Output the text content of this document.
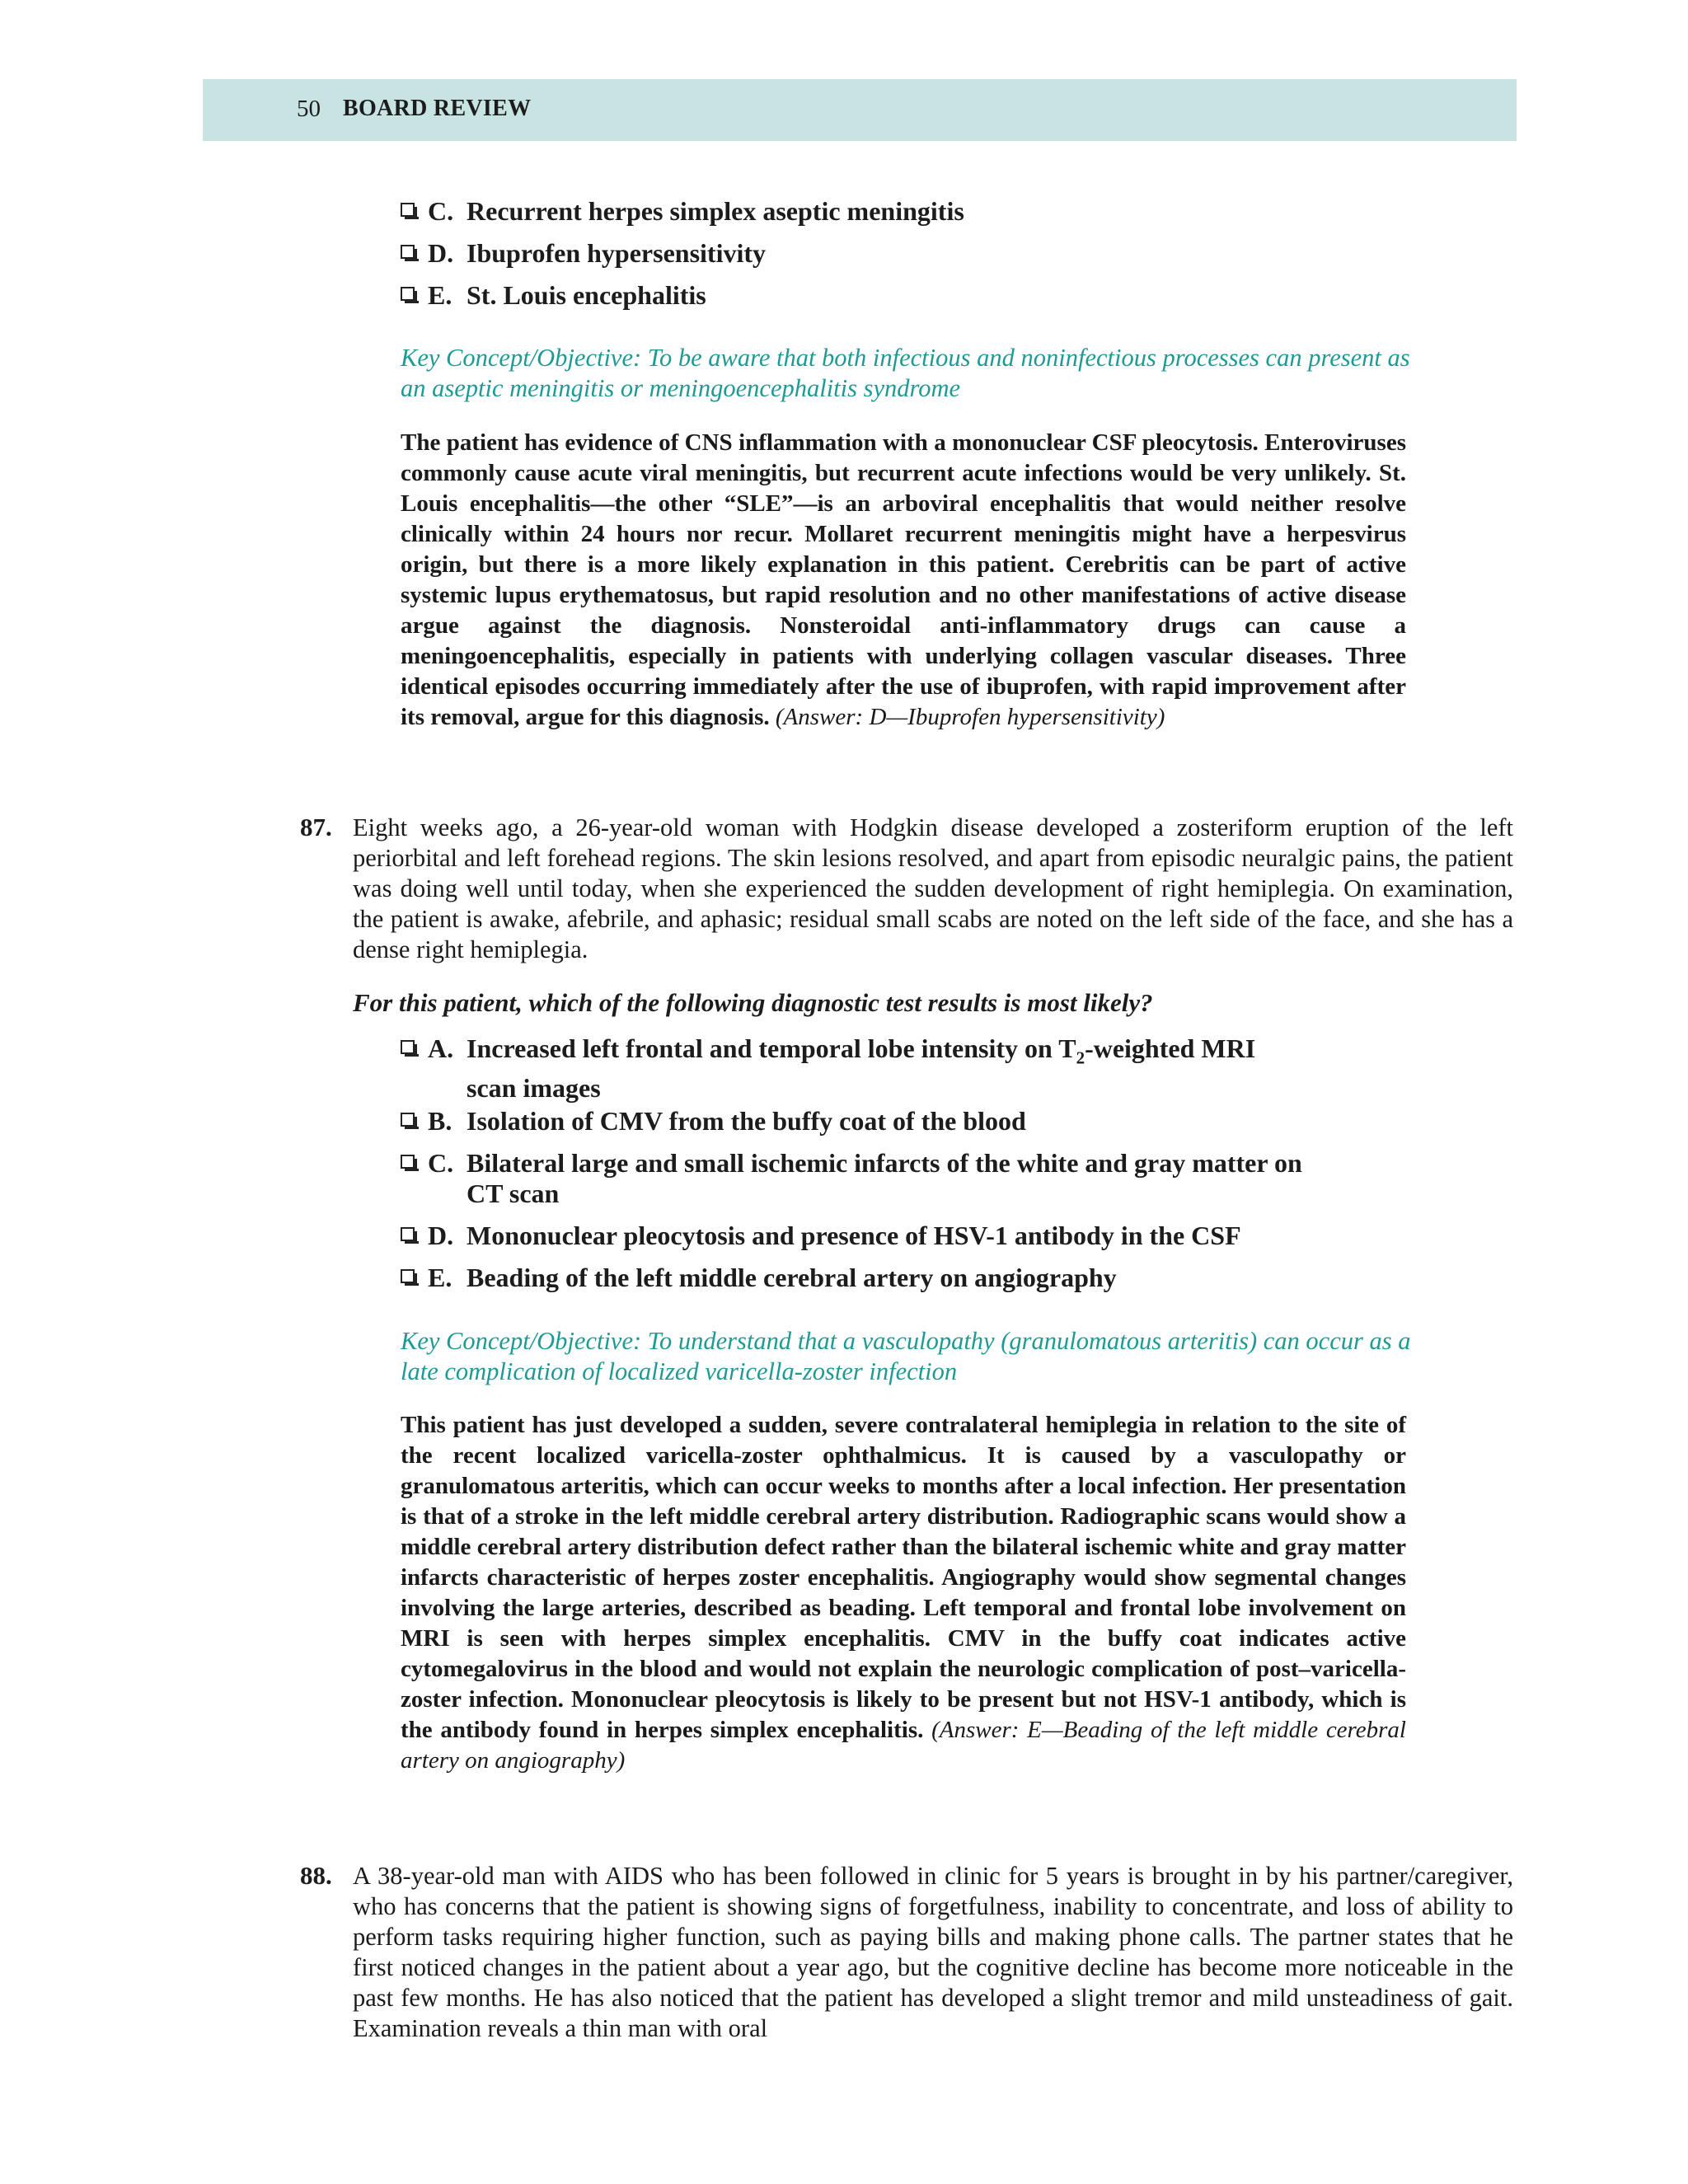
50 BOARD REVIEW
C. Recurrent herpes simplex aseptic meningitis
D. Ibuprofen hypersensitivity
E. St. Louis encephalitis
Key Concept/Objective: To be aware that both infectious and noninfectious processes can present as an aseptic meningitis or meningoencephalitis syndrome
The patient has evidence of CNS inflammation with a mononuclear CSF pleocytosis. Enteroviruses commonly cause acute viral meningitis, but recurrent acute infections would be very unlikely. St. Louis encephalitis—the other “SLE”—is an arboviral encephalitis that would neither resolve clinically within 24 hours nor recur. Mollaret recurrent meningitis might have a herpesvirus origin, but there is a more likely explanation in this patient. Cerebritis can be part of active systemic lupus erythematosus, but rapid resolution and no other manifestations of active disease argue against the diagnosis. Nonsteroidal anti-inflammatory drugs can cause a meningoencephalitis, especially in patients with underlying collagen vascular diseases. Three identical episodes occurring immediately after the use of ibuprofen, with rapid improvement after its removal, argue for this diagnosis. (Answer: D—Ibuprofen hypersensitivity)
87. Eight weeks ago, a 26-year-old woman with Hodgkin disease developed a zosteriform eruption of the left periorbital and left forehead regions. The skin lesions resolved, and apart from episodic neuralgic pains, the patient was doing well until today, when she experienced the sudden development of right hemiplegia. On examination, the patient is awake, afebrile, and aphasic; residual small scabs are noted on the left side of the face, and she has a dense right hemiplegia.
For this patient, which of the following diagnostic test results is most likely?
A. Increased left frontal and temporal lobe intensity on $T_2$-weighted MRI scan images
B. Isolation of CMV from the buffy coat of the blood
C. Bilateral large and small ischemic infarcts of the white and gray matter on CT scan
D. Mononuclear pleocytosis and presence of HSV-1 antibody in the CSF
E. Beading of the left middle cerebral artery on angiography
Key Concept/Objective: To understand that a vasculopathy (granulomatous arteritis) can occur as a late complication of localized varicella-zoster infection
This patient has just developed a sudden, severe contralateral hemiplegia in relation to the site of the recent localized varicella-zoster ophthalmicus. It is caused by a vasculopathy or granulomatous arteritis, which can occur weeks to months after a local infection. Her presentation is that of a stroke in the left middle cerebral artery distribution. Radiographic scans would show a middle cerebral artery distribution defect rather than the bilateral ischemic white and gray matter infarcts characteristic of herpes zoster encephalitis. Angiography would show segmental changes involving the large arteries, described as beading. Left temporal and frontal lobe involvement on MRI is seen with herpes simplex encephalitis. CMV in the buffy coat indicates active cytomegalovirus in the blood and would not explain the neurologic complication of post–varicella-zoster infection. Mononuclear pleocytosis is likely to be present but not HSV-1 antibody, which is the antibody found in herpes simplex encephalitis. (Answer: E—Beading of the left middle cerebral artery on angiography)
88. A 38-year-old man with AIDS who has been followed in clinic for 5 years is brought in by his partner/caregiver, who has concerns that the patient is showing signs of forgetfulness, inability to concentrate, and loss of ability to perform tasks requiring higher function, such as paying bills and making phone calls. The partner states that he first noticed changes in the patient about a year ago, but the cognitive decline has become more noticeable in the past few months. He has also noticed that the patient has developed a slight tremor and mild unsteadiness of gait. Examination reveals a thin man with oral
